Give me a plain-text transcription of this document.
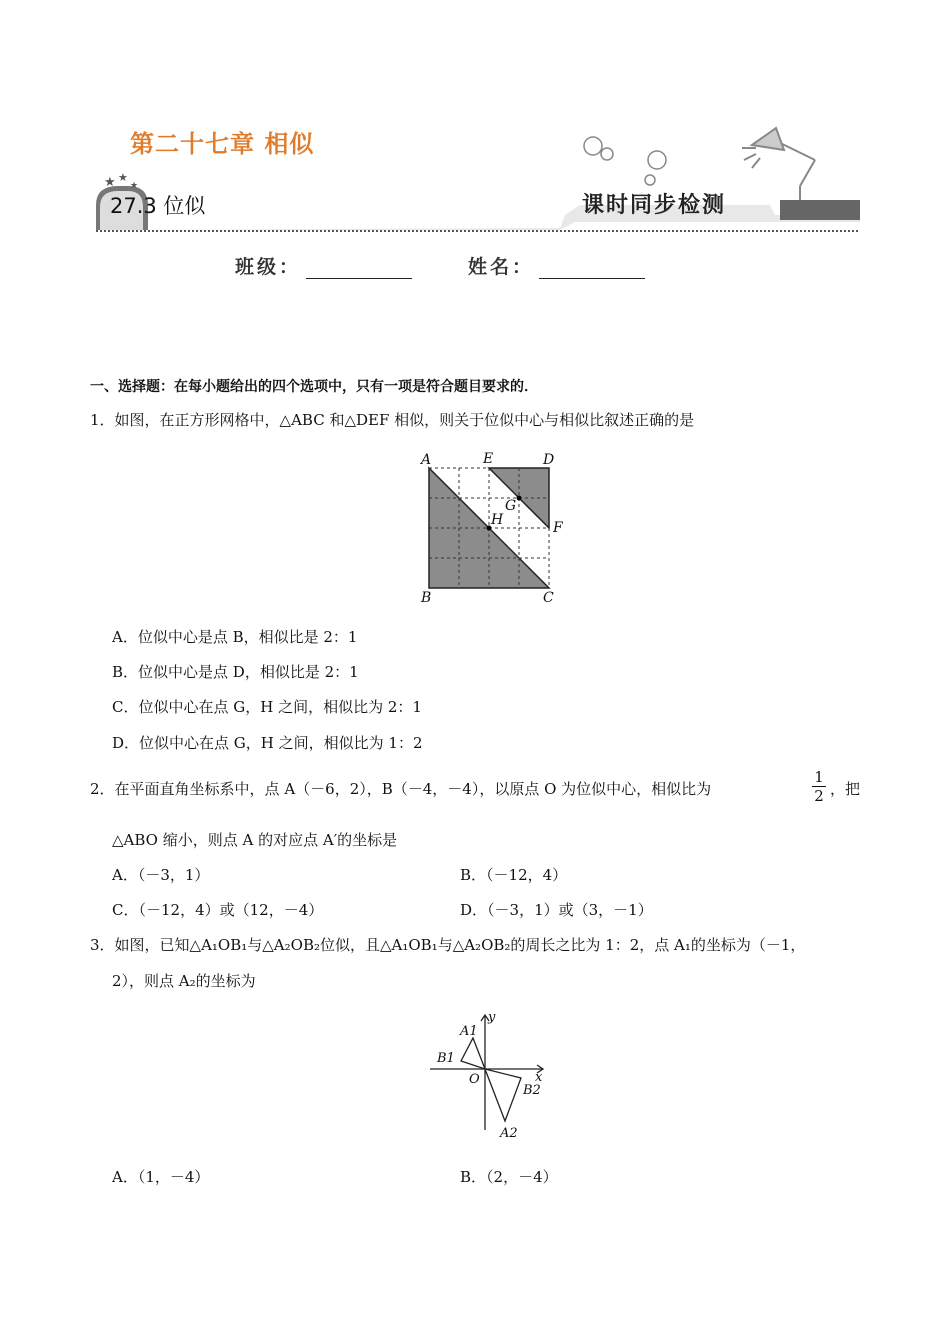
★ ★
★
第二十七章 相似
27.3 位似	课时同步检测
班级：	姓名：
一、选择题：在每小题给出的四个选项中，只有一项是符合题目要求的．
1．如图，在正方形网格中，△ABC 和△DEF 相似，则关于位似中心与相似比叙述正确的是
A	E	D
G
H	F
B	C
A．位似中心是点 B，相似比是 2：1
B．位似中心是点 D，相似比是 2：1
C．位似中心在点 G，H 之间，相似比为 2：1
D．位似中心在点 G，H 之间，相似比为 1：2
2．在平面直角坐标系中，点 A（－6，2），B（－4，－4），以原点 O 为位似中心，相似比为	$\frac{1}{2}$ ，把
△ABO 缩小，则点 A 的对应点 A′的坐标是
A．（－3，1）	B．（－12，4）
C．（－12，4）或（12，－4）	D．（－3，1）或（3，－1）
3．如图，已知△A₁OB₁与△A₂OB₂位似，且△A₁OB₁与△A₂OB₂的周长之比为 1：2，点 A₁的坐标为（－1，
2），则点 A₂的坐标为
y
A1
B1
O	x
B2
A2
A．（1，－4）	B．（2，－4）
